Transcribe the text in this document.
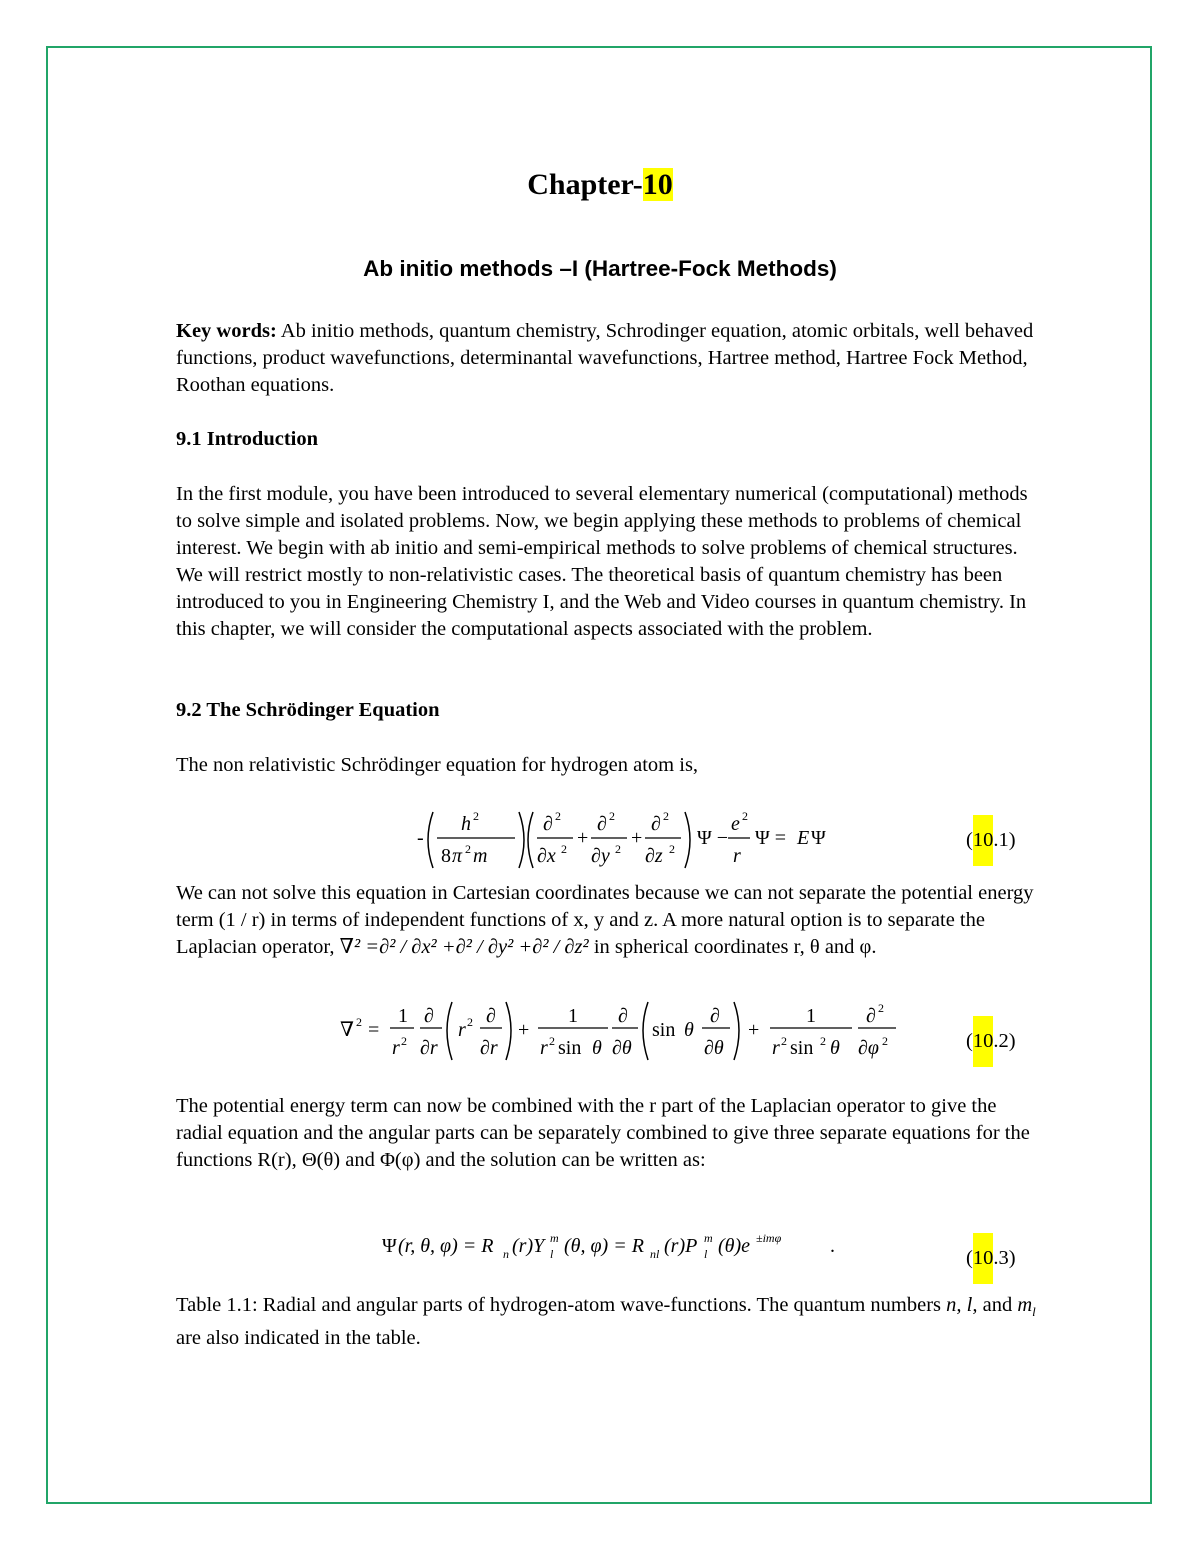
Chapter-10
Ab initio methods –I (Hartree-Fock Methods)
Key words: Ab initio methods, quantum chemistry, Schrodinger equation, atomic orbitals, well behaved functions, product wavefunctions, determinantal wavefunctions, Hartree method, Hartree Fock Method, Roothan equations.
9.1 Introduction
In the first module, you have been introduced to several elementary numerical (computational) methods to solve simple and isolated problems. Now, we begin applying these methods to problems of chemical interest. We begin with ab initio and semi-empirical methods to solve problems of chemical structures. We will restrict mostly to non-relativistic cases. The theoretical basis of quantum chemistry has been introduced to you in Engineering Chemistry I, and the Web and Video courses in quantum chemistry. In this chapter, we will consider the computational aspects associated with the problem.
9.2 The Schrödinger Equation
The non relativistic Schrödinger equation for hydrogen atom is,
-
h 2
8 π 2 m
∂ 2
∂x 2 +
∂ 2
∂y 2 +
∂ 2
∂z 2 Ψ −
e 2
r
Ψ = E Ψ	(10.1)
We can not solve this equation in Cartesian coordinates because we can not separate the potential energy term (1 / r) in terms of independent functions of x, y and z. A more natural option is to separate the Laplacian operator, ∇² =∂² / ∂x² +∂² / ∂y² +∂² / ∂z² in spherical coordinates r, θ and φ.
∇ 2 =
1
r 2
∂
∂r
r 2 ∂
∂r
+
1
r 2 sin θ
∂
∂θ
sin θ
∂
∂θ
+
1
r 2 sin 2 θ
∂ 2
∂φ 2	(10.2)
The potential energy term can now be combined with the r part of the Laplacian operator to give the radial equation and the angular parts can be separately combined to give three separate equations for the functions R(r), Θ(θ) and Φ(φ) and the solution can be written as:
Ψ (r, θ, φ) = R n (r)Y l
m (θ, φ) = R nl (r)P l
m (θ)e ±imφ .
(10.3)
Table 1.1: Radial and angular parts of hydrogen-atom wave-functions. The quantum numbers n, l, and $m_l$ are also indicated in the table.
